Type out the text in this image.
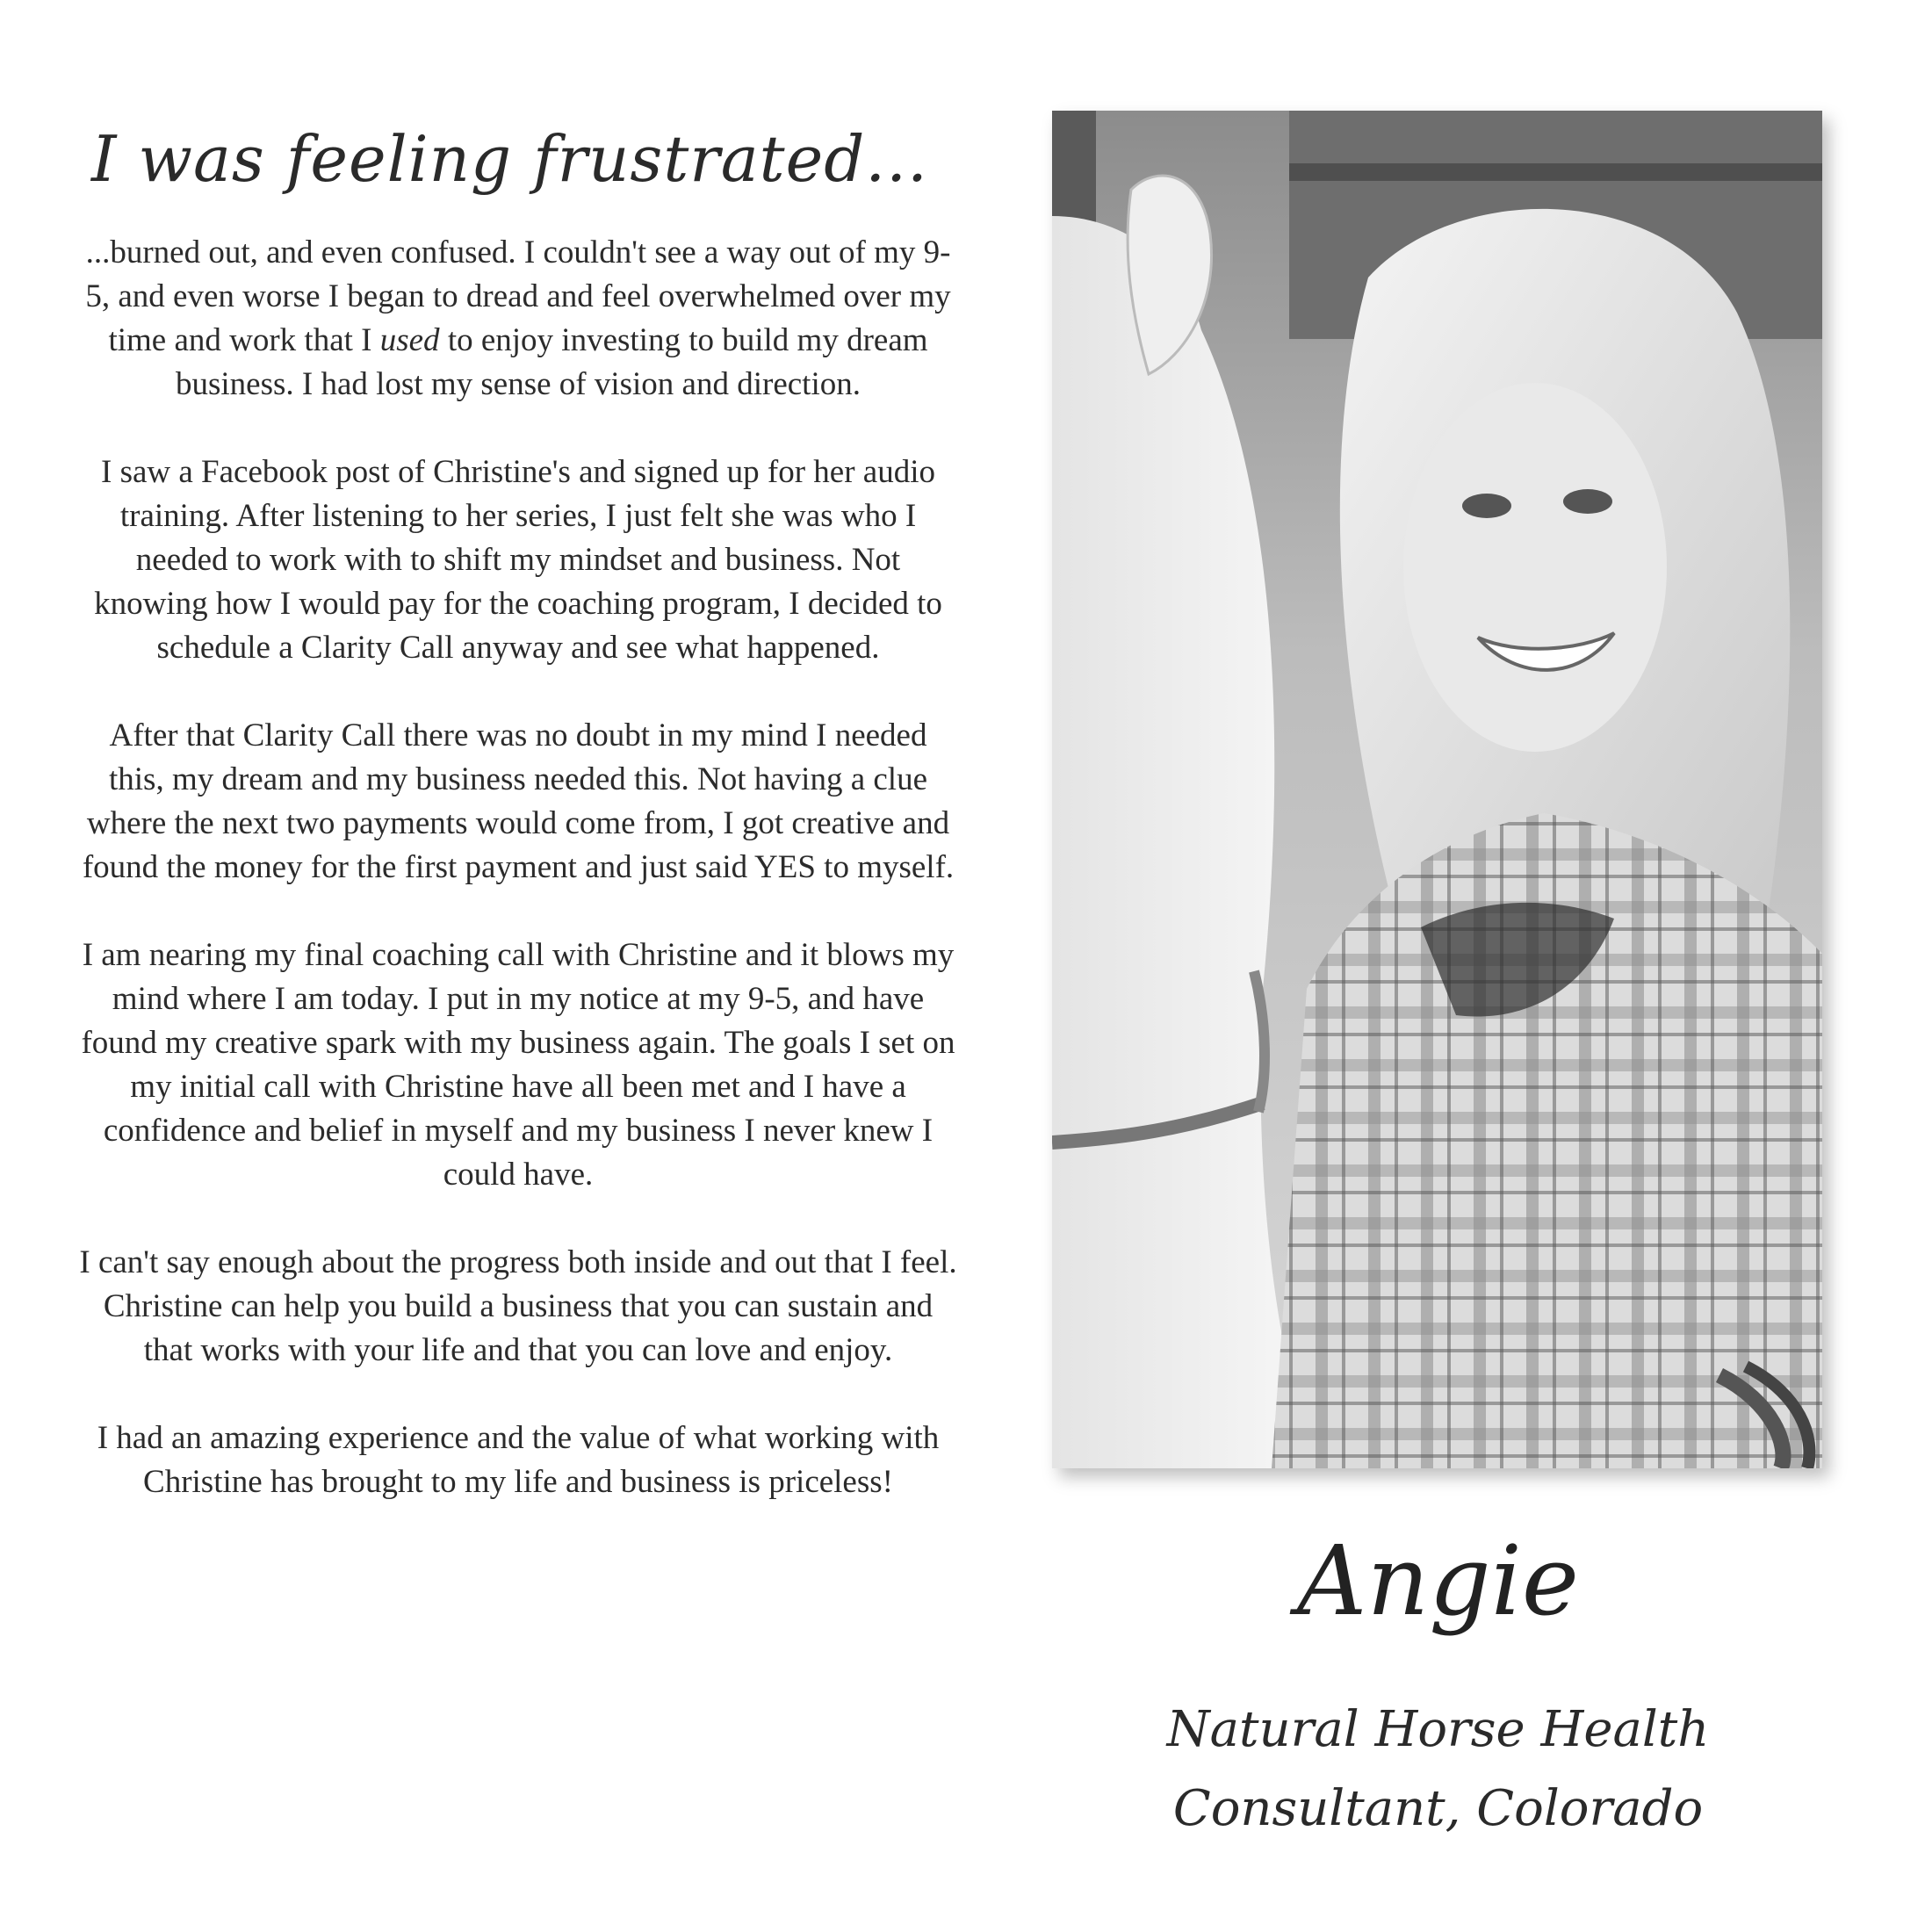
I was feeling frustrated...

...burned out, and even confused. I couldn't see a way out of my 9-5, and even worse I began to dread and feel overwhelmed over my time and work that I used to enjoy investing to build my dream business. I had lost my sense of vision and direction.

I saw a Facebook post of Christine's and signed up for her audio training. After listening to her series, I just felt she was who I needed to work with to shift my mindset and business. Not knowing how I would pay for the coaching program, I decided to schedule a Clarity Call anyway and see what happened.

After that Clarity Call there was no doubt in my mind I needed this, my dream and my business needed this. Not having a clue where the next two payments would come from, I got creative and found the money for the first payment and just said YES to myself.

I am nearing my final coaching call with Christine and it blows my mind where I am today. I put in my notice at my 9-5, and have found my creative spark with my business again. The goals I set on my initial call with Christine have all been met and I have a confidence and belief in myself and my business I never knew I could have.

I can't say enough about the progress both inside and out that I feel. Christine can help you build a business that you can sustain and that works with your life and that you can love and enjoy.

I had an amazing experience and the value of what working with Christine has brought to my life and business is priceless!

Angie
Natural Horse Health
Consultant, Colorado
